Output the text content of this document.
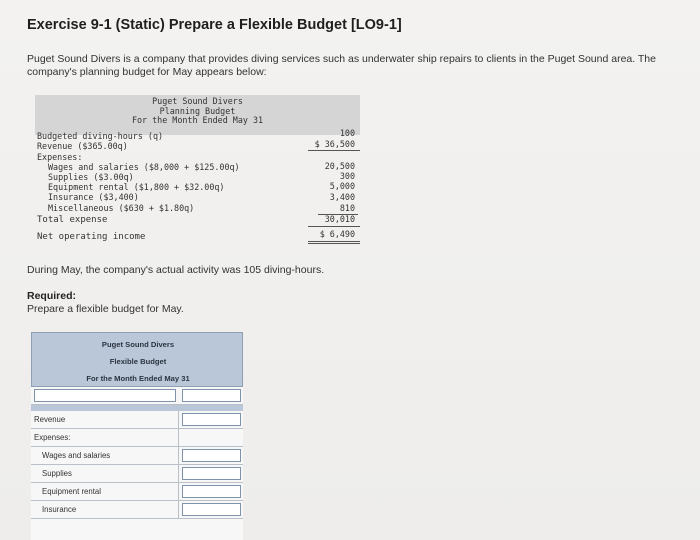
Exercise 9-1 (Static) Prepare a Flexible Budget [LO9-1]
Puget Sound Divers is a company that provides diving services such as underwater ship repairs to clients in the Puget Sound area. The company's planning budget for May appears below:
Puget Sound Divers
Planning Budget
For the Month Ended May 31
Budgeted diving-hours (q)	100
Revenue ($365.00q)	$ 36,500
Expenses:
Wages and salaries ($8,000 + $125.00q)	20,500
Supplies ($3.00q)	300
Equipment rental ($1,800 + $32.00q)	5,000
Insurance ($3,400)	3,400
Miscellaneous ($630 + $1.80q)	810
Total expense	30,010
Net operating income	$ 6,490
During May, the company's actual activity was 105 diving-hours.
Required:
Prepare a flexible budget for May.
Puget Sound Divers
Flexible Budget
For the Month Ended May 31
Revenue
Expenses:
Wages and salaries
Supplies
Equipment rental
Insurance
